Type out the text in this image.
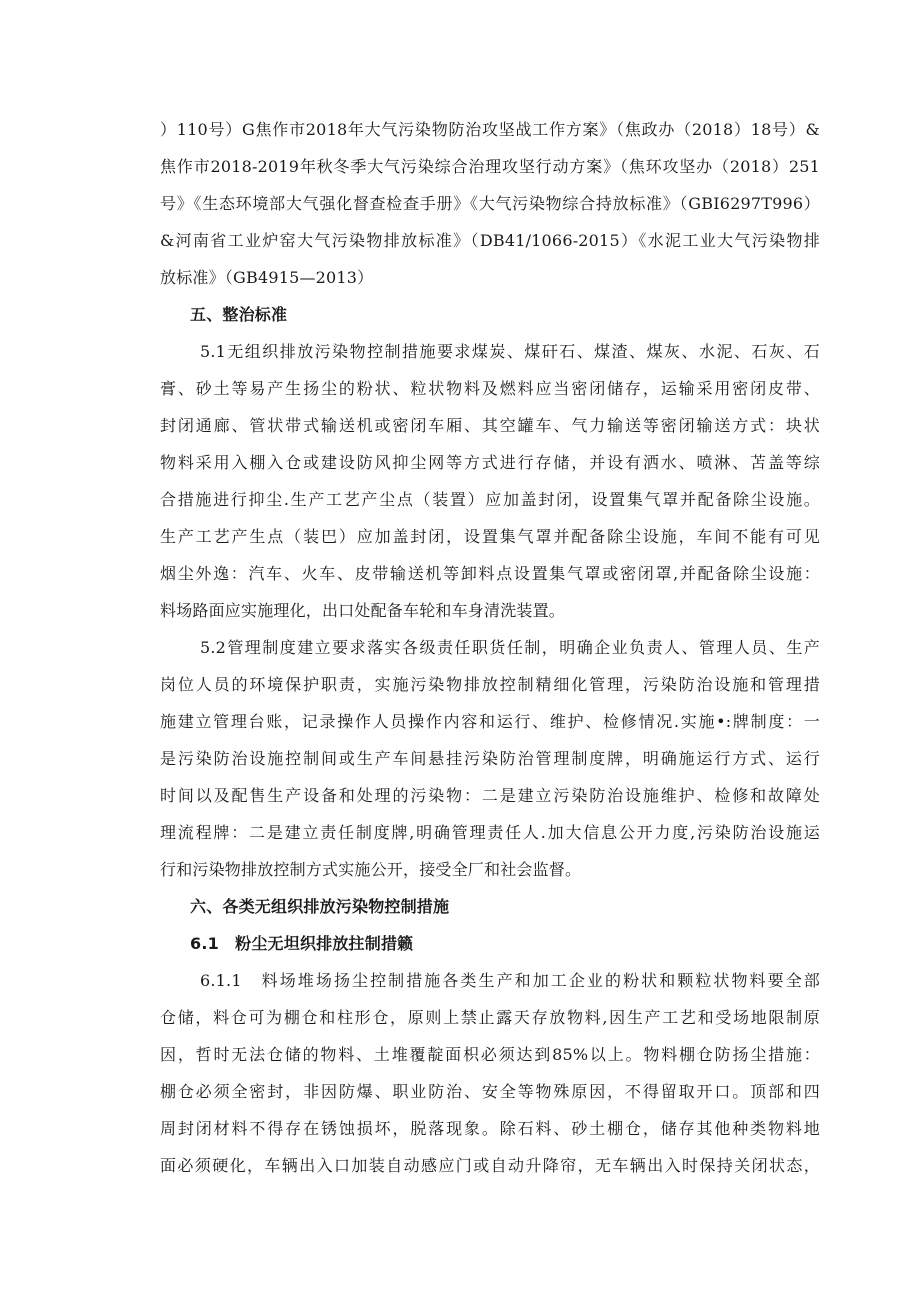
）110号）G焦作市2018年大气污染物防治攻坚战工作方案》（焦政办（2018）18号）&
焦作市2018-2019年秋冬季大气污染综合治理攻坚行动方案》（焦环攻坚办（2018）251
号》《生态环境部大气强化督查检查手册》《大气污染物综合持放标准》（GBI6297T996）
&河南省工业炉窑大气污染物排放标准》（DB41/1066-2015）《水泥工业大气污染物排
放标准》（GB4915—2013）
五、整治标准
5.1无组织排放污染物控制措施要求煤炭、煤矸石、煤渣、煤灰、水泥、石灰、石
膏、砂土等易产生扬尘的粉状、粒状物料及燃料应当密闭储存，运输采用密闭皮带、
封闭通廊、管状带式输送机或密闭车厢、其空罐车、气力输送等密闭输送方式：块状
物料采用入棚入仓或建设防风抑尘网等方式进行存储，并设有洒水、喷淋、苫盖等综
合措施进行抑尘.生产工艺产尘点（装置）应加盖封闭，设置集气罩并配备除尘设施。
生产工艺产生点（装巴）应加盖封闭，设置集气罩并配备除尘设施，车间不能有可见
烟尘外逸：汽车、火车、皮带输送机等卸料点设置集气罩或密闭罩,并配备除尘设施：
料场路面应实施理化，出口处配备车轮和车身清洗装置。
5.2管理制度建立要求落实各级责任职货任制，明确企业负责人、管理人员、生产
岗位人员的环境保护职责，实施污染物排放控制精细化管理，污染防治设施和管理措
施建立管理台账，记录操作人员操作内容和运行、维护、检修情况.实施•:牌制度：一
是污染防治设施控制间或生产车间悬挂污染防治管理制度牌，明确施运行方式、运行
时间以及配售生产设备和处理的污染物：二是建立污染防治设施维护、检修和故障处
理流程牌：二是建立责任制度牌,明确管理责任人.加大信息公开力度,污染防治设施运
行和污染物排放控制方式实施公开，接受全厂和社会监督。
六、各类无组织排放污染物控制措施
6.1　粉尘无坦织排放拄制措籁
6.1.1　料场堆场扬尘控制措施各类生产和加工企业的粉状和颗粒状物料要全部
仓储，料仓可为棚仓和柱形仓，原则上禁止露天存放物料,因生产工艺和受场地限制原
因，哲时无法仓储的物料、土堆覆靛面枳必须达到85%以上。物料棚仓防扬尘措施：
棚仓必须全密封，非因防爆、职业防治、安全等物殊原因，不得留取开口。顶部和四
周封闭材料不得存在锈蚀损坏，脱落现象。除石料、砂土棚仓，储存其他种类物料地
面必须硬化，车辆出入口加装自动感应门或自动升降帘，无车辆出入时保持关闭状态，
